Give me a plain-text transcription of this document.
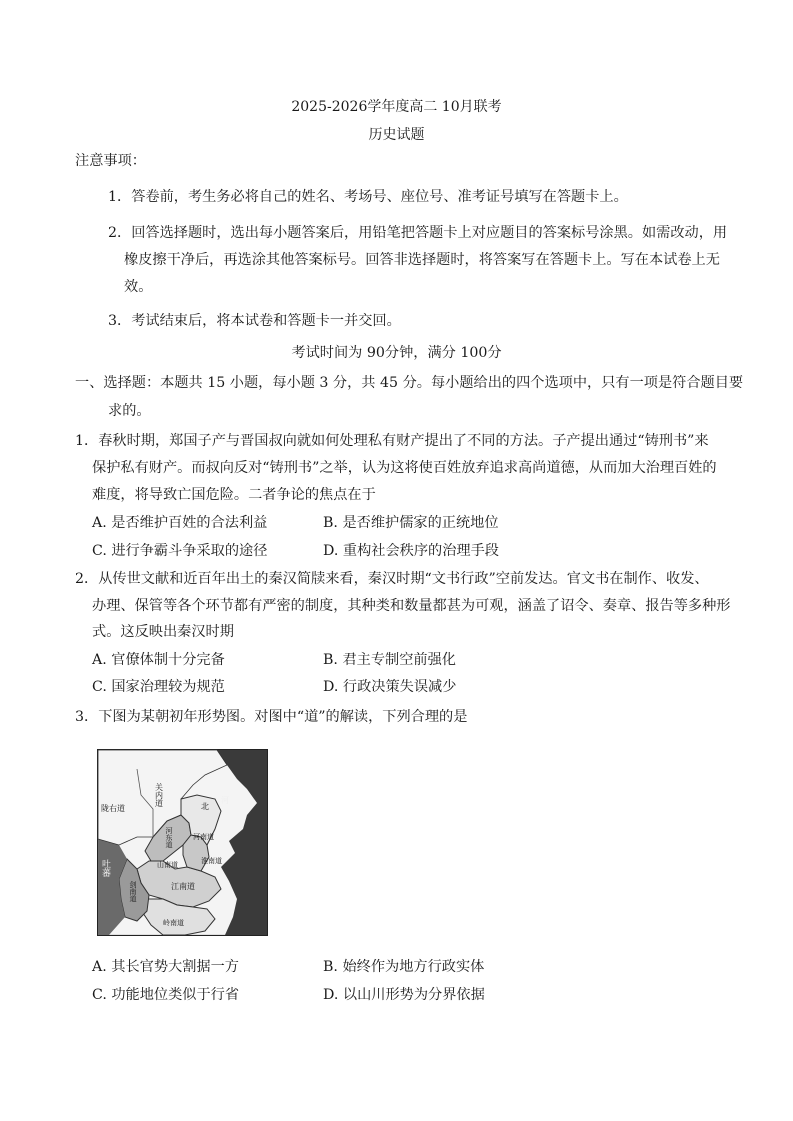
2025-2026学年度高二 10月联考
历史试题
注意事项：
1．答卷前，考生务必将自己的姓名、考场号、座位号、准考证号填写在答题卡上。
2．回答选择题时，选出每小题答案后，用铅笔把答题卡上对应题目的答案标号涂黑。如需改动，用
橡皮擦干净后，再选涂其他答案标号。回答非选择题时，将答案写在答题卡上。写在本试卷上无
效。
3．考试结束后，将本试卷和答题卡一并交回。
考试时间为 90分钟，满分 100分
一、选择题：本题共 15 小题，每小题 3 分，共 45 分。每小题给出的四个选项中，只有一项是符合题目要
求的。
1．春秋时期，郑国子产与晋国叔向就如何处理私有财产提出了不同的方法。子产提出通过“铸刑书”来
保护私有财产。而叔向反对“铸刑书”之举，认为这将使百姓放弃追求高尚道德，从而加大治理百姓的
难度，将导致亡国危险。二者争论的焦点在于
A. 是否维护百姓的合法利益	B. 是否维护儒家的正统地位
C. 进行争霸斗争采取的途径	D. 重构社会秩序的治理手段
2．从传世文献和近百年出土的秦汉简牍来看，秦汉时期“文书行政”空前发达。官文书在制作、收发、
办理、保管等各个环节都有严密的制度，其种类和数量都甚为可观，涵盖了诏令、奏章、报告等多种形
式。这反映出秦汉时期
A. 官僚体制十分完备	B. 君主专制空前强化
C. 国家治理较为规范	D. 行政决策失误减少
3．下图为某朝初年形势图。对图中“道”的解读，下列合理的是
关内道	北
河
陇右道
河东道	河南道
山南道	淮南道
吐蕃
剑南道	江南道
岭南道
A. 其长官势大割据一方	B. 始终作为地方行政实体
C. 功能地位类似于行省	D. 以山川形势为分界依据
